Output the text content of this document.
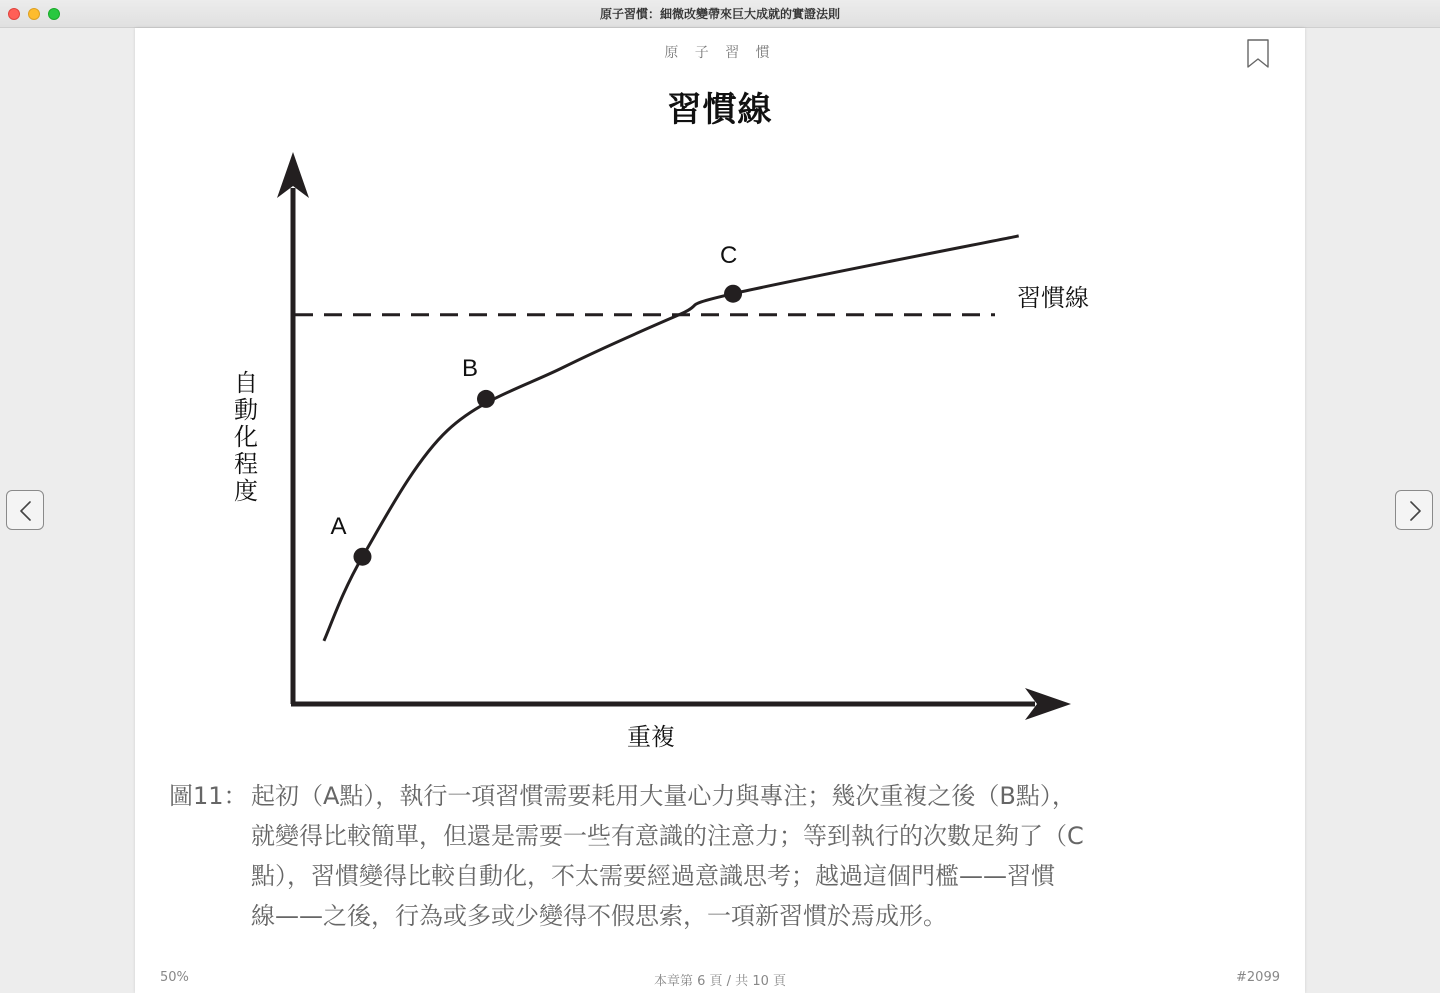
原子習慣：細微改變帶來巨大成就的實證法則
原 子 習 慣
習慣線
自動化程度
重複
習慣線
A
B
C
圖11： 起初（A點），執行一項習慣需要耗用大量心力與專注；幾次重複之後（B點），
就變得比較簡單，但還是需要一些有意識的注意力；等到執行的次數足夠了（C
點），習慣變得比較自動化，不太需要經過意識思考；越過這個門檻——習慣
線——之後，行為或多或少變得不假思索，一項新習慣於焉成形。
50%	本章第 6 頁 / 共 10 頁	#2099
